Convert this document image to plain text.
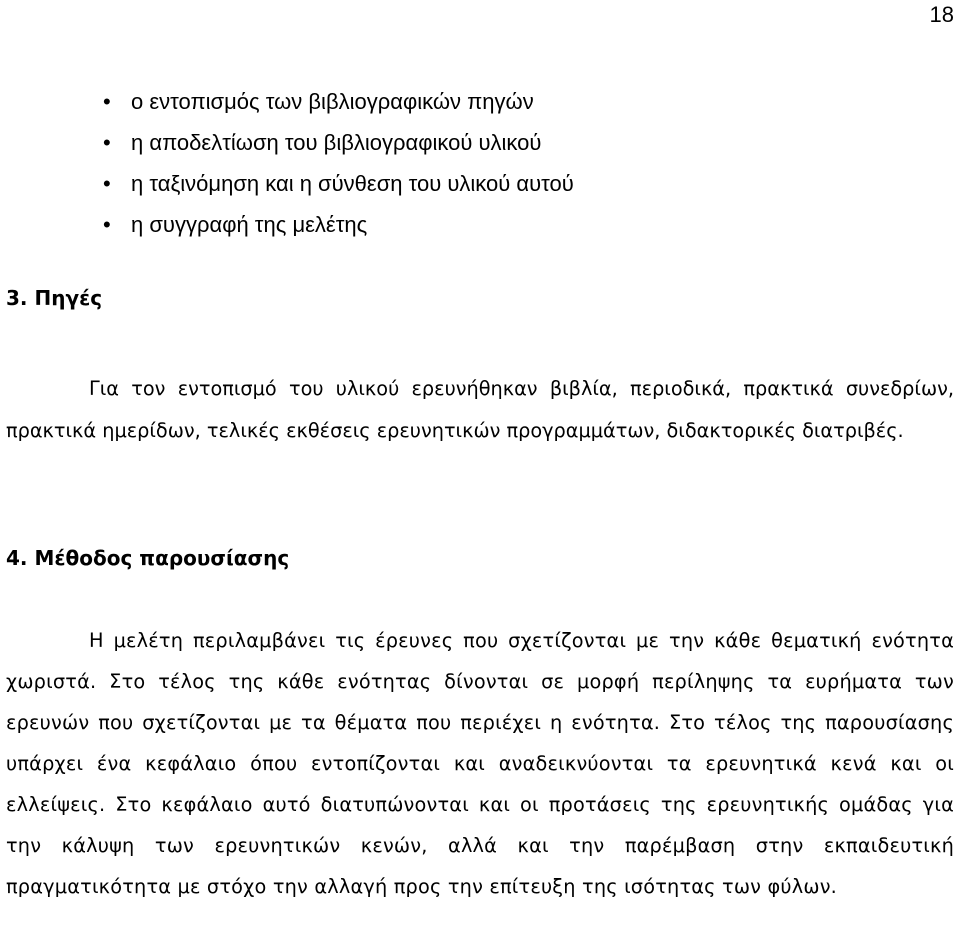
18
• ο εντοπισμός των βιβλιογραφικών πηγών
• η αποδελτίωση του βιβλιογραφικού υλικού
• η ταξινόμηση και η σύνθεση του υλικού αυτού
• η συγγραφή της μελέτης
3. Πηγές

Για τον εντοπισμό του υλικού ερευνήθηκαν βιβλία, περιοδικά, πρακτικά συνεδρίων, πρακτικά ημερίδων, τελικές εκθέσεις ερευνητικών προγραμμάτων, διδακτορικές διατριβές.

4. Μέθοδος παρουσίασης

Η μελέτη περιλαμβάνει τις έρευνες που σχετίζονται με την κάθε θεματική ενότητα χωριστά. Στο τέλος της κάθε ενότητας δίνονται σε μορφή περίληψης τα ευρήματα των ερευνών που σχετίζονται με τα θέματα που περιέχει η ενότητα. Στο τέλος της παρουσίασης υπάρχει ένα κεφάλαιο όπου εντοπίζονται και αναδεικνύονται τα ερευνητικά κενά και οι ελλείψεις. Στο κεφάλαιο αυτό διατυπώνονται και οι προτάσεις της ερευνητικής ομάδας για την κάλυψη των ερευνητικών κενών, αλλά και την παρέμβαση στην εκπαιδευτική πραγματικότητα με στόχο την αλλαγή προς την επίτευξη της ισότητας των φύλων.
